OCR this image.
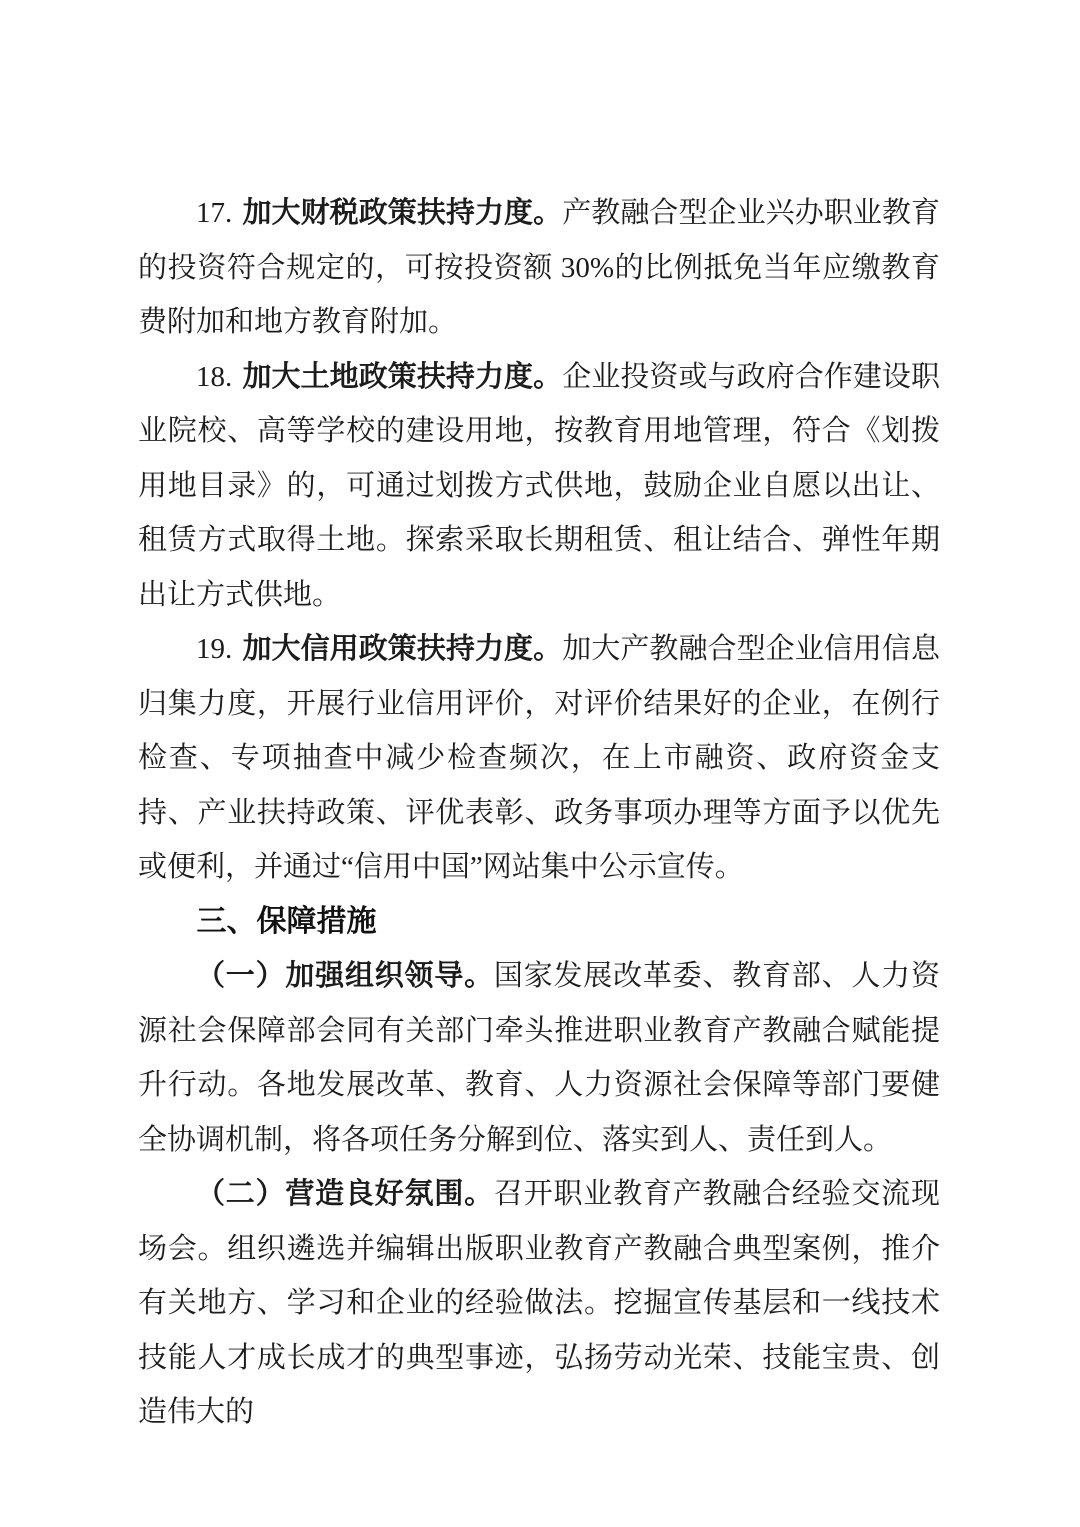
17. 加大财税政策扶持力度。产教融合型企业兴办职业教育的投资符合规定的，可按投资额 30%的比例抵免当年应缴教育费附加和地方教育附加。

18. 加大土地政策扶持力度。企业投资或与政府合作建设职业院校、高等学校的建设用地，按教育用地管理，符合《划拨用地目录》的，可通过划拨方式供地，鼓励企业自愿以出让、租赁方式取得土地。探索采取长期租赁、租让结合、弹性年期出让方式供地。

19. 加大信用政策扶持力度。加大产教融合型企业信用信息归集力度，开展行业信用评价，对评价结果好的企业，在例行检查、专项抽查中减少检查频次，在上市融资、政府资金支持、产业扶持政策、评优表彰、政务事项办理等方面予以优先或便利，并通过“信用中国”网站集中公示宣传。

三、保障措施

（一）加强组织领导。国家发展改革委、教育部、人力资源社会保障部会同有关部门牵头推进职业教育产教融合赋能提升行动。各地发展改革、教育、人力资源社会保障等部门要健全协调机制，将各项任务分解到位、落实到人、责任到人。

（二）营造良好氛围。召开职业教育产教融合经验交流现场会。组织遴选并编辑出版职业教育产教融合典型案例，推介有关地方、学习和企业的经验做法。挖掘宣传基层和一线技术技能人才成长成才的典型事迹，弘扬劳动光荣、技能宝贵、创造伟大的
